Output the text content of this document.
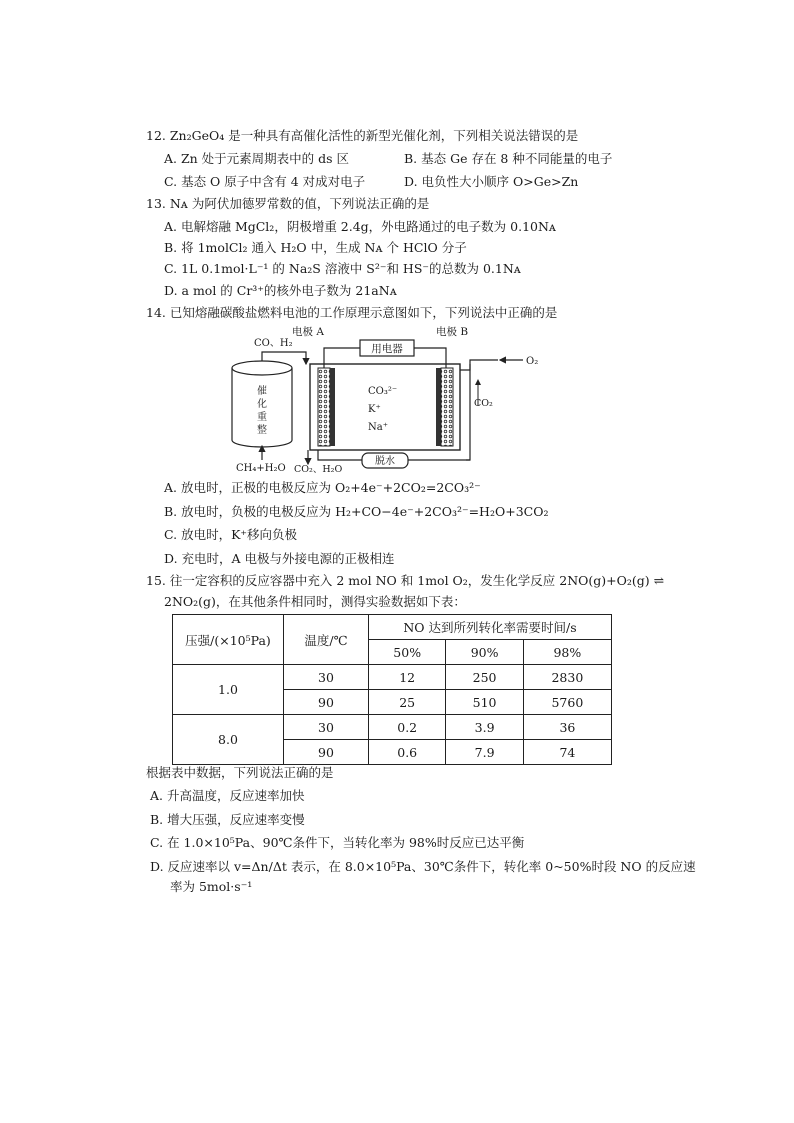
12. Zn₂GeO₄ 是一种具有高催化活性的新型光催化剂，下列相关说法错误的是
A. Zn 处于元素周期表中的 ds 区	B. 基态 Ge 存在 8 种不同能量的电子
C. 基态 O 原子中含有 4 对成对电子	D. 电负性大小顺序 O>Ge>Zn
13. Nᴀ 为阿伏加德罗常数的值，下列说法正确的是
A. 电解熔融 MgCl₂，阴极增重 2.4g，外电路通过的电子数为 0.10Nᴀ
B. 将 1molCl₂ 通入 H₂O 中，生成 Nᴀ 个 HClO 分子
C. 1L 0.1mol·L⁻¹ 的 Na₂S 溶液中 S²⁻和 HS⁻的总数为 0.1Nᴀ
D. a mol 的 Cr³⁺的核外电子数为 21aNᴀ
14. 已知熔融碳酸盐燃料电池的工作原理示意图如下，下列说法中正确的是
催
化
重
整
CO、H₂
CH₄+H₂O
用电器
电极 A	电极 B
CO₃²⁻
K⁺
Na⁺
O₂
CO₂
CO₂、H₂O
脱水
A. 放电时，正极的电极反应为 O₂+4e⁻+2CO₂=2CO₃²⁻
B. 放电时，负极的电极反应为 H₂+CO−4e⁻+2CO₃²⁻=H₂O+3CO₂
C. 放电时，K⁺移向负极
D. 充电时，A 电极与外接电源的正极相连
15. 往一定容积的反应容器中充入 2 mol NO 和 1mol O₂，发生化学反应 2NO(g)+O₂(g) ⇌
2NO₂(g)，在其他条件相同时，测得实验数据如下表：
压强/(×10⁵Pa)	温度/℃	NO 达到所列转化率需要时间/s		
		50%	90%	98%
1.0	30	12	250	2830
	90	25	510	5760
8.0	30	0.2	3.9	36
	90	0.6	7.9	74
根据表中数据，下列说法正确的是
A. 升高温度，反应速率加快
B. 增大压强，反应速率变慢
C. 在 1.0×10⁵Pa、90℃条件下，当转化率为 98%时反应已达平衡
D. 反应速率以 v=Δn/Δt 表示，在 8.0×10⁵Pa、30℃条件下，转化率 0~50%时段 NO 的反应速
率为 5mol·s⁻¹
